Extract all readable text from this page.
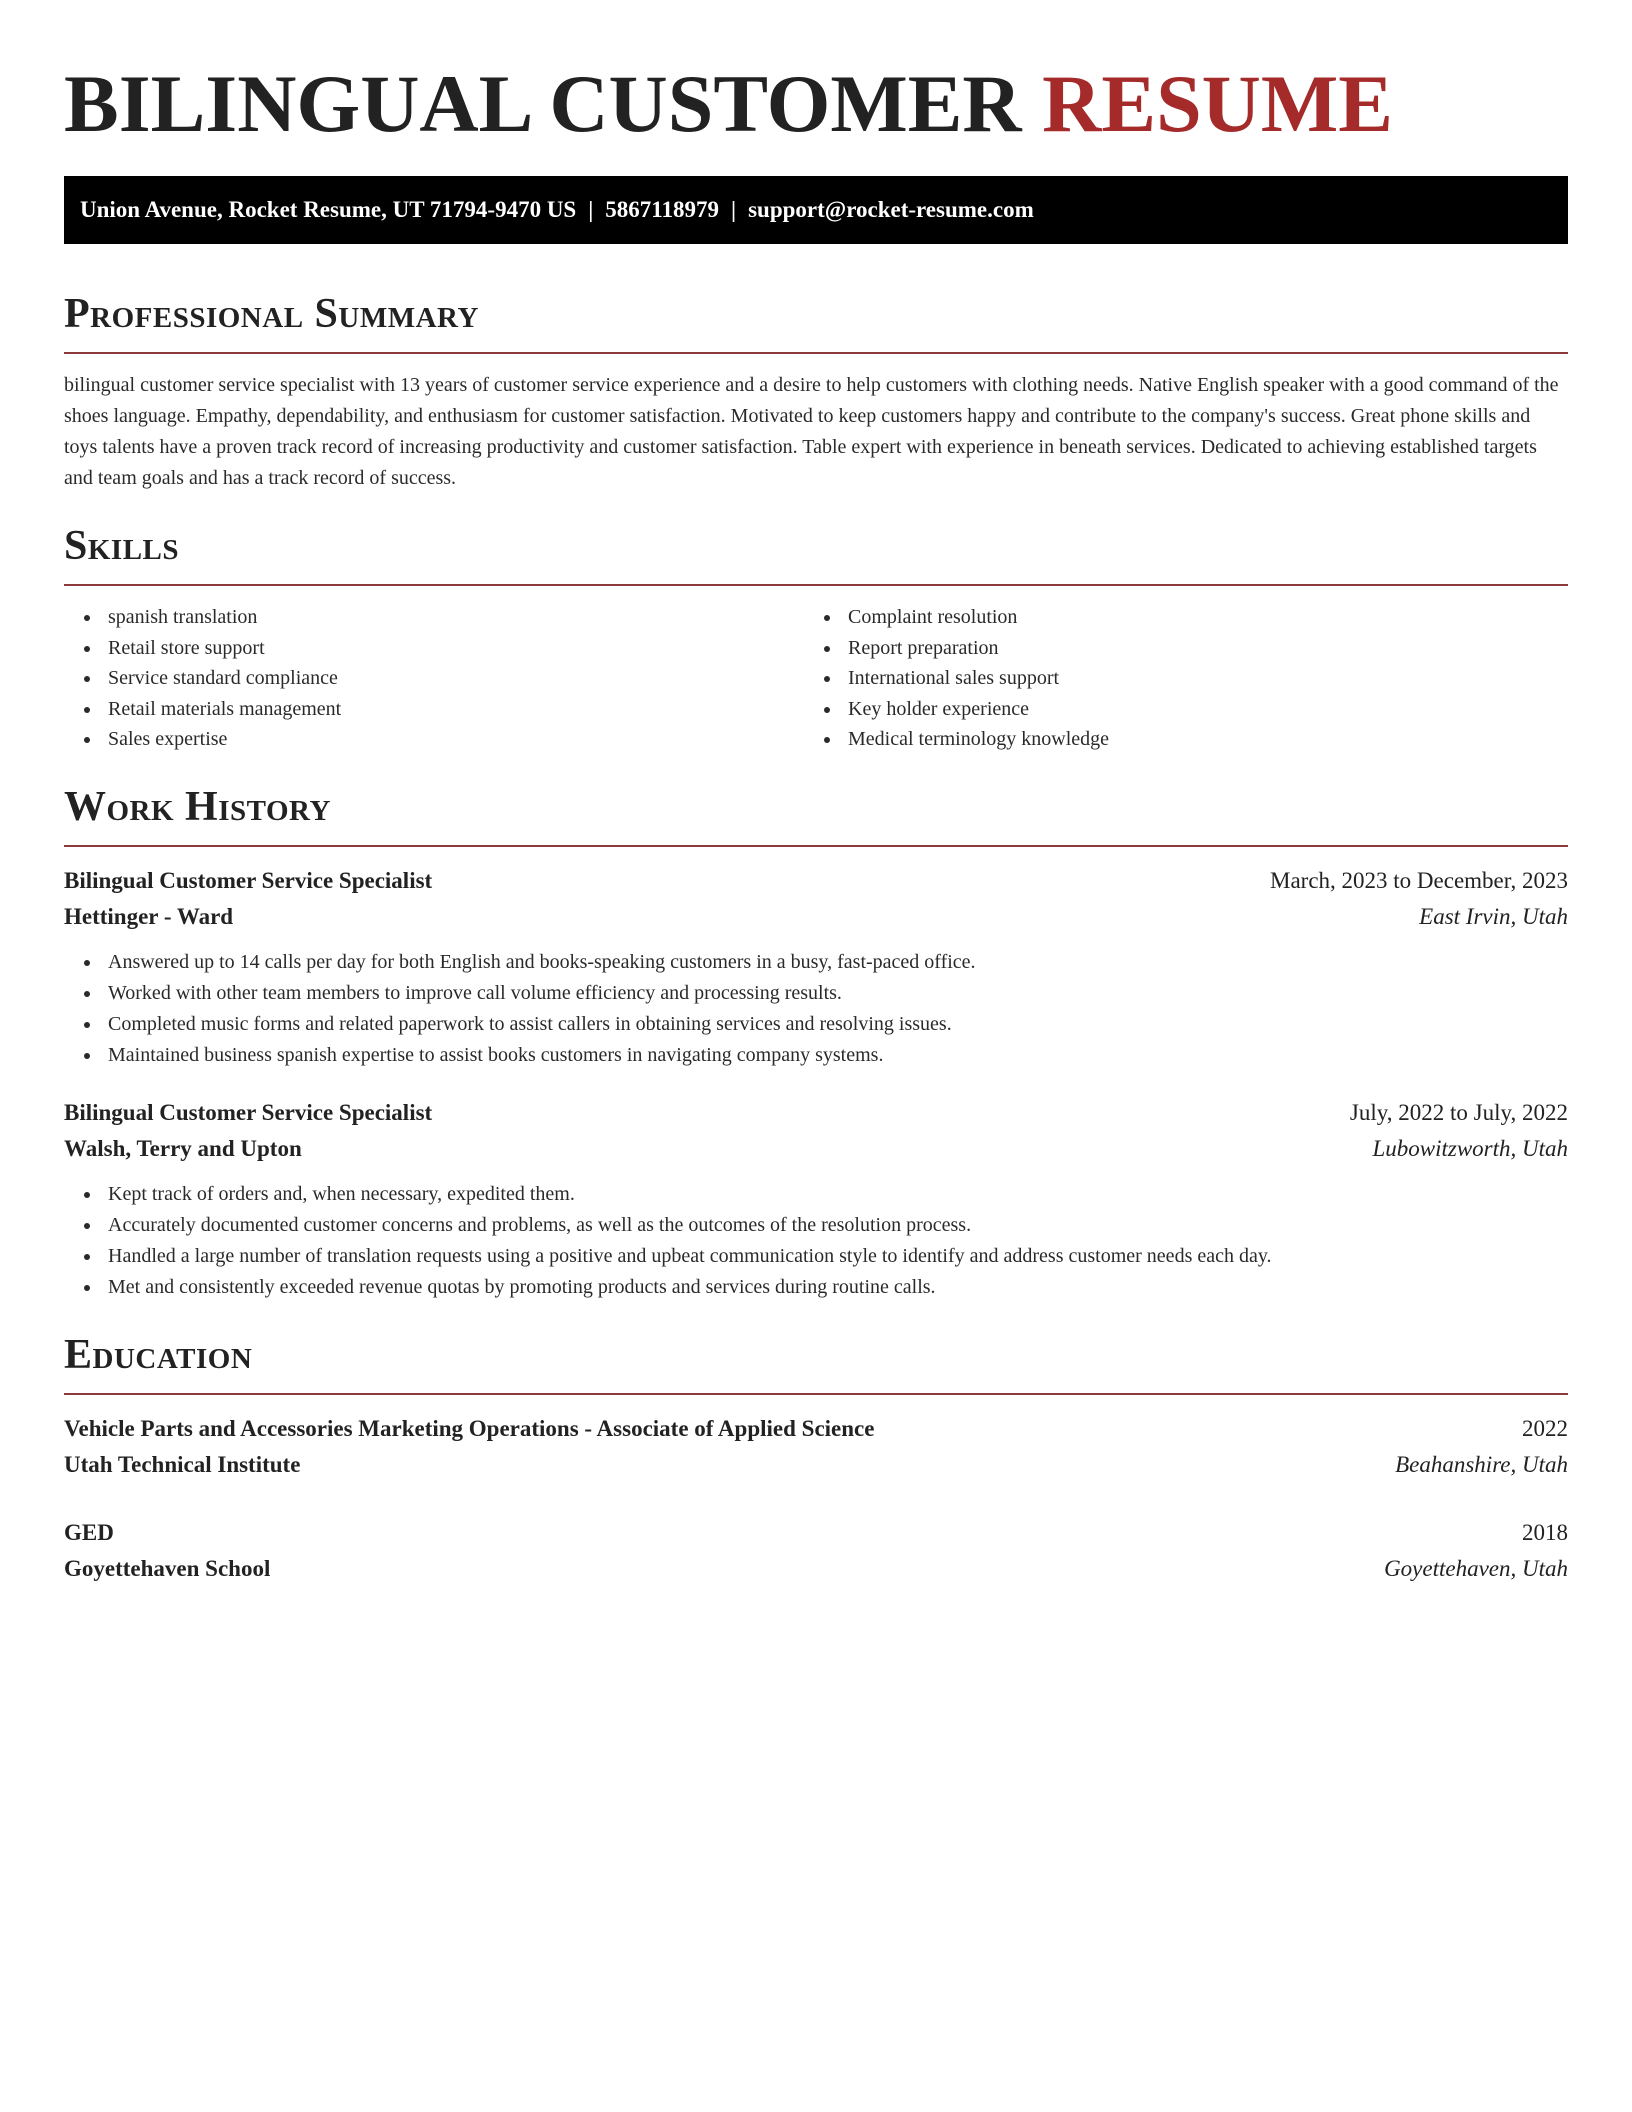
BILINGUAL CUSTOMER RESUME
Union Avenue, Rocket Resume, UT 71794-9470 US | 5867118979 | support@rocket-resume.com
Professional Summary

bilingual customer service specialist with 13 years of customer service experience and a desire to help customers with clothing needs. Native English speaker with a good command of the shoes language. Empathy, dependability, and enthusiasm for customer satisfaction. Motivated to keep customers happy and contribute to the company's success. Great phone skills and toys talents have a proven track record of increasing productivity and customer satisfaction. Table expert with experience in beneath services. Dedicated to achieving established targets and team goals and has a track record of success.

Skills
spanish translation
Retail store support
Service standard compliance
Retail materials management
Sales expertise
Complaint resolution
Report preparation
International sales support
Key holder experience
Medical terminology knowledge
Work History
Bilingual Customer Service Specialist	March, 2023 to December, 2023
Hettinger - Ward	East Irvin, Utah
Answered up to 14 calls per day for both English and books-speaking customers in a busy, fast-paced office.
Worked with other team members to improve call volume efficiency and processing results.
Completed music forms and related paperwork to assist callers in obtaining services and resolving issues.
Maintained business spanish expertise to assist books customers in navigating company systems.
Bilingual Customer Service Specialist	July, 2022 to July, 2022
Walsh, Terry and Upton	Lubowitzworth, Utah
Kept track of orders and, when necessary, expedited them.
Accurately documented customer concerns and problems, as well as the outcomes of the resolution process.
Handled a large number of translation requests using a positive and upbeat communication style to identify and address customer needs each day.
Met and consistently exceeded revenue quotas by promoting products and services during routine calls.
Education
Vehicle Parts and Accessories Marketing Operations - Associate of Applied Science	2022
Utah Technical Institute	Beahanshire, Utah
GED	2018
Goyettehaven School	Goyettehaven, Utah
